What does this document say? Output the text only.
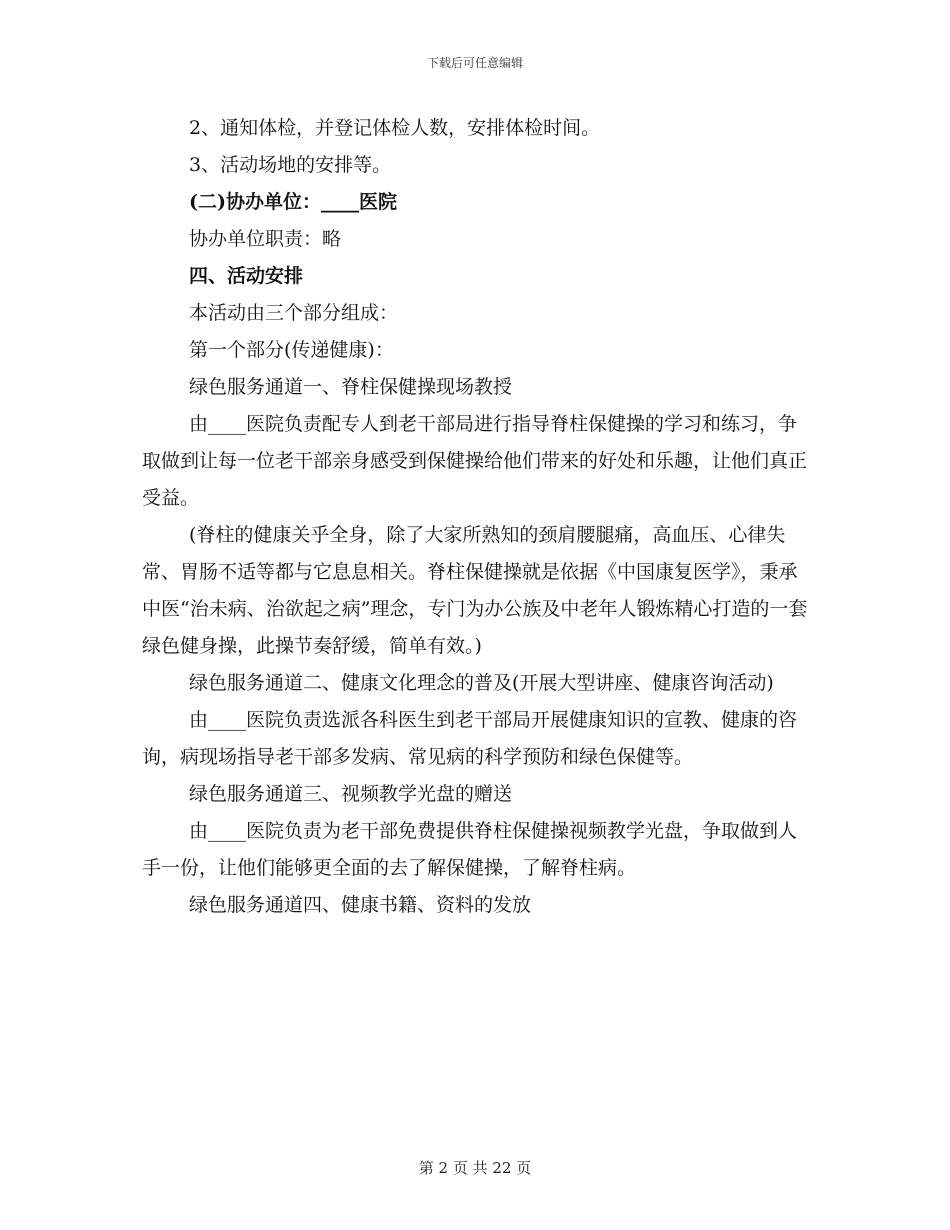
下载后可任意编辑

2、通知体检，并登记体检人数，安排体检时间。

3、活动场地的安排等。

(二)协办单位：____医院

协办单位职责：略

四、活动安排

本活动由三个部分组成：

第一个部分(传递健康)：

绿色服务通道一、脊柱保健操现场教授

由____医院负责配专人到老干部局进行指导脊柱保健操的学习和练习，争取做到让每一位老干部亲身感受到保健操给他们带来的好处和乐趣，让他们真正受益。

(脊柱的健康关乎全身，除了大家所熟知的颈肩腰腿痛，高血压、心律失常、胃肠不适等都与它息息相关。脊柱保健操就是依据《中国康复医学》，秉承中医“治未病、治欲起之病”理念，专门为办公族及中老年人锻炼精心打造的一套绿色健身操，此操节奏舒缓，简单有效。)

绿色服务通道二、健康文化理念的普及(开展大型讲座、健康咨询活动)

由____医院负责选派各科医生到老干部局开展健康知识的宣教、健康的咨询，病现场指导老干部多发病、常见病的科学预防和绿色保健等。

绿色服务通道三、视频教学光盘的赠送

由____医院负责为老干部免费提供脊柱保健操视频教学光盘，争取做到人手一份，让他们能够更全面的去了解保健操，了解脊柱病。

绿色服务通道四、健康书籍、资料的发放

第 2 页 共 22 页
